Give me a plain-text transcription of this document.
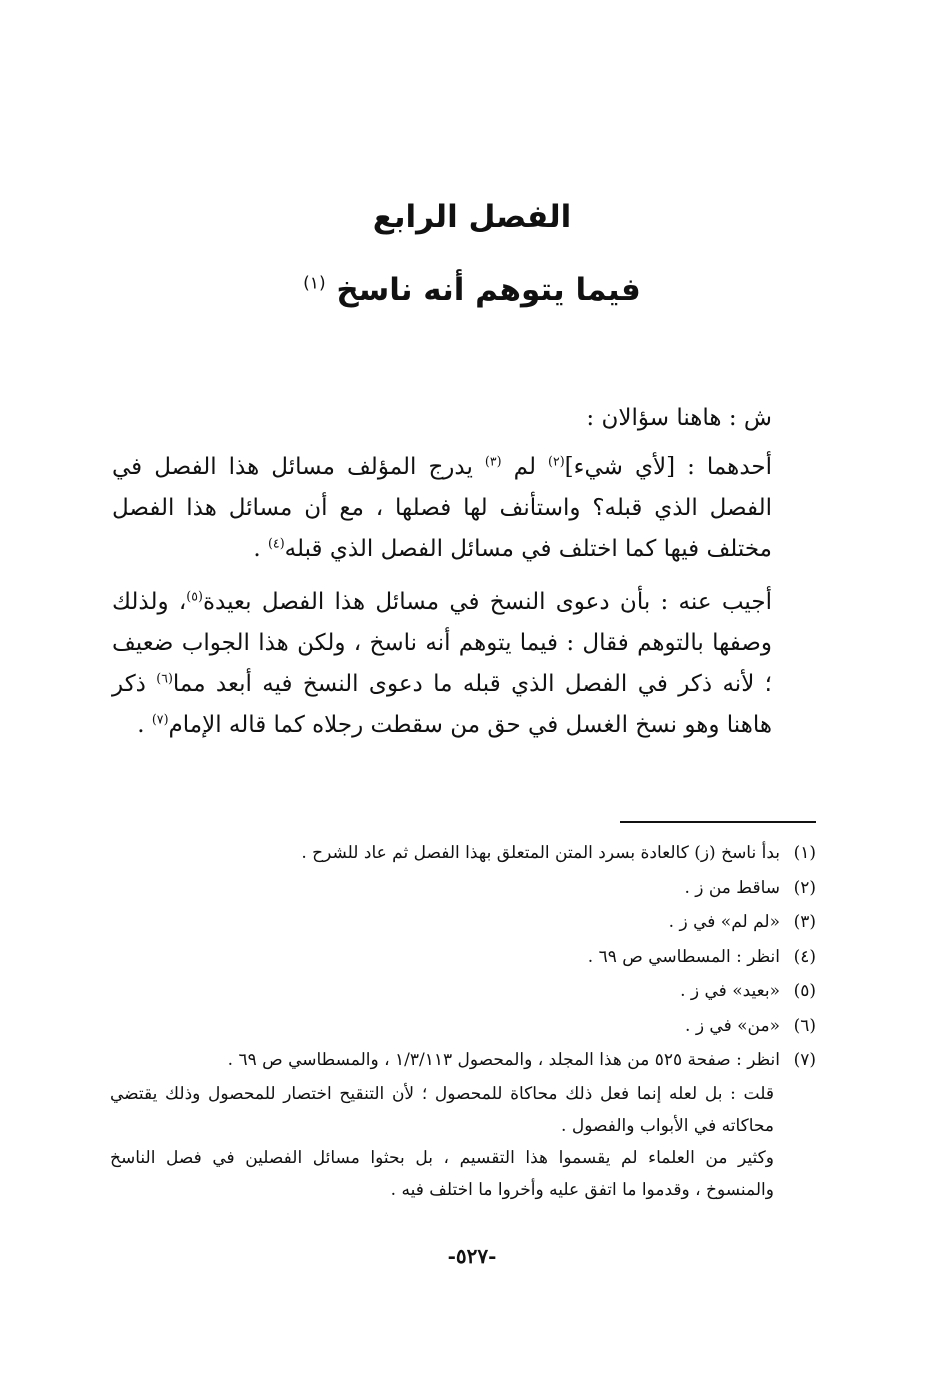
الفصل الرابع
فيما يتوهم أنه ناسخ $^{(١)}$

ش : هاهنا سؤالان :

أحدهما : [لأي شيء]$^{(٢)}$ لم $^{(٣)}$ يدرج المؤلف مسائل هذا الفصل في الفصل الذي قبله؟ واستأنف لها فصلها ، مع أن مسائل هذا الفصل مختلف فيها كما اختلف في مسائل الفصل الذي قبله$^{(٤)}$ .

أجيب عنه : بأن دعوى النسخ في مسائل هذا الفصل بعيدة$^{(٥)}$، ولذلك وصفها بالتوهم فقال : فيما يتوهم أنه ناسخ ، ولكن هذا الجواب ضعيف ؛ لأنه ذكر في الفصل الذي قبله ما دعوى النسخ فيه أبعد مما$^{(٦)}$ ذكر هاهنا وهو نسخ الغسل في حق من سقطت رجلاه كما قاله الإمام$^{(٧)}$ .

(١)
بدأ ناسخ (ز) كالعادة بسرد المتن المتعلق بهذا الفصل ثم عاد للشرح .
(٢)
ساقط من ز .
(٣)
«لم لم» في ز .
(٤)
انظر : المسطاسي ص ٦٩ .
(٥)
«بعيد» في ز .
(٦)
«من» في ز .
(٧)
انظر : صفحة ٥٢٥ من هذا المجلد ، والمحصول ١/٣/١١٣ ، والمسطاسي ص ٦٩ .
قلت : بل لعله إنما فعل ذلك محاكاة للمحصول ؛ لأن التنقيح اختصار للمحصول وذلك يقتضي محاكاته في الأبواب والفصول .
وكثير من العلماء لم يقسموا هذا التقسيم ، بل بحثوا مسائل الفصلين في فصل الناسخ والمنسوخ ، وقدموا ما اتفق عليه وأخروا ما اختلف فيه .
-٥٢٧-
